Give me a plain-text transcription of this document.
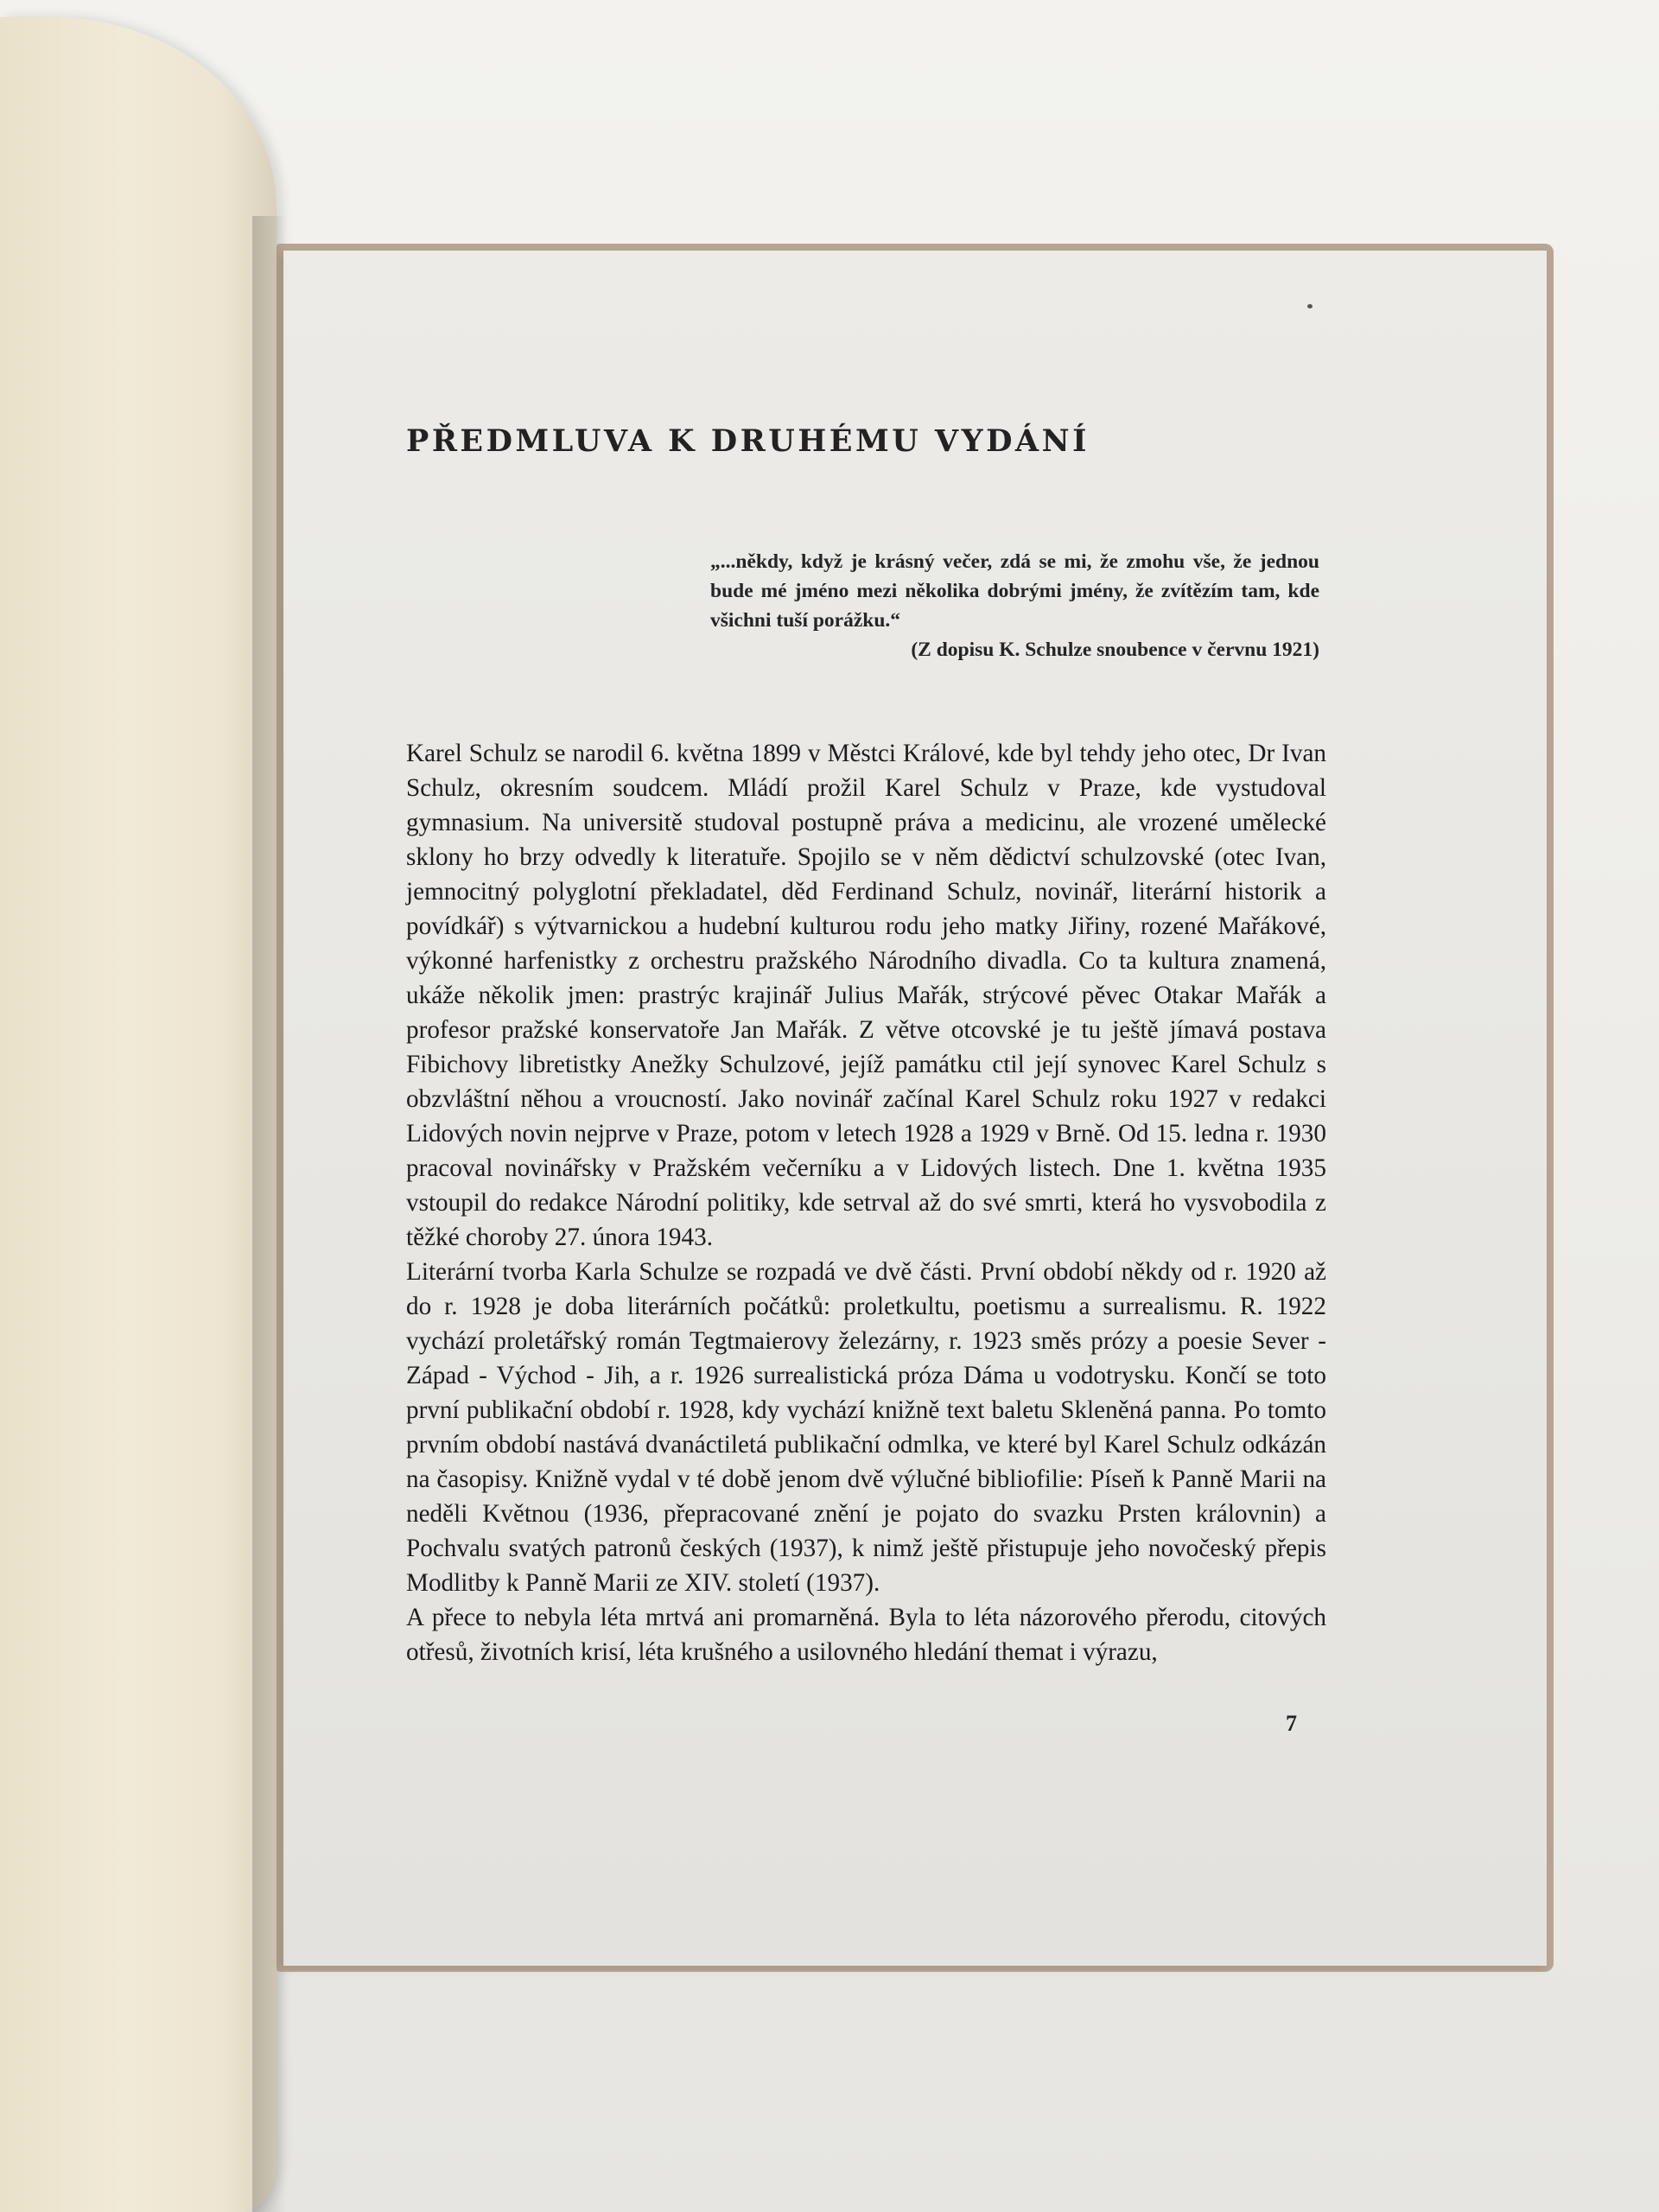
PŘEDMLUVA K DRUHÉMU VYDÁNÍ
„...někdy, když je krásný večer, zdá se mi, že zmohu vše, že jednou bude mé jméno mezi několika dobrými jmény, že zvítězím tam, kde všichni tuší porážku.“
(Z dopisu K. Schulze snoubence v červnu 1921)

Karel Schulz se narodil 6. května 1899 v Městci Králové, kde byl tehdy jeho otec, Dr Ivan Schulz, okresním soudcem. Mládí prožil Karel Schulz v Praze, kde vystudoval gymnasium. Na universitě studoval postupně práva a medicinu, ale vrozené umělecké sklony ho brzy odvedly k literatuře. Spojilo se v něm dědictví schulzovské (otec Ivan, jemnocitný polyglotní překladatel, děd Ferdinand Schulz, novinář, literární historik a povídkář) s výtvarnickou a hudební kulturou rodu jeho matky Jiřiny, rozené Mařákové, výkonné harfenistky z orchestru pražského Národního divadla. Co ta kultura znamená, ukáže několik jmen: prastrýc krajinář Julius Mařák, strýcové pěvec Otakar Mařák a profesor pražské konservatoře Jan Mařák. Z větve otcovské je tu ještě jímavá postava Fibichovy libretistky Anežky Schulzové, jejíž památku ctil její synovec Karel Schulz s obzvláštní něhou a vroucností. Jako novinář začínal Karel Schulz roku 1927 v redakci Lidových novin nejprve v Praze, potom v letech 1928 a 1929 v Brně. Od 15. ledna r. 1930 pracoval novinářsky v Pražském večerníku a v Lidových listech. Dne 1. května 1935 vstoupil do redakce Národní politiky, kde setrval až do své smrti, která ho vysvobodila z těžké choroby 27. února 1943.

Literární tvorba Karla Schulze se rozpadá ve dvě části. První období někdy od r. 1920 až do r. 1928 je doba literárních počátků: proletkultu, poetismu a surrealismu. R. 1922 vychází proletářský román Tegtmaierovy železárny, r. 1923 směs prózy a poesie Sever - Západ - Východ - Jih, a r. 1926 surrealistická próza Dáma u vodotrysku. Končí se toto první publikační období r. 1928, kdy vychází knižně text baletu Skleněná panna. Po tomto prvním období nastává dvanáctiletá publikační odmlka, ve které byl Karel Schulz odkázán na časopisy. Knižně vydal v té době jenom dvě výlučné bibliofilie: Píseň k Panně Marii na neděli Květnou (1936, přepracované znění je pojato do svazku Prsten královnin) a Pochvalu svatých patronů českých (1937), k nimž ještě přistupuje jeho novočeský přepis Modlitby k Panně Marii ze XIV. století (1937).

A přece to nebyla léta mrtvá ani promarněná. Byla to léta názorového přerodu, citových otřesů, životních krisí, léta krušného a usilovného hledání themat i výrazu,

7
